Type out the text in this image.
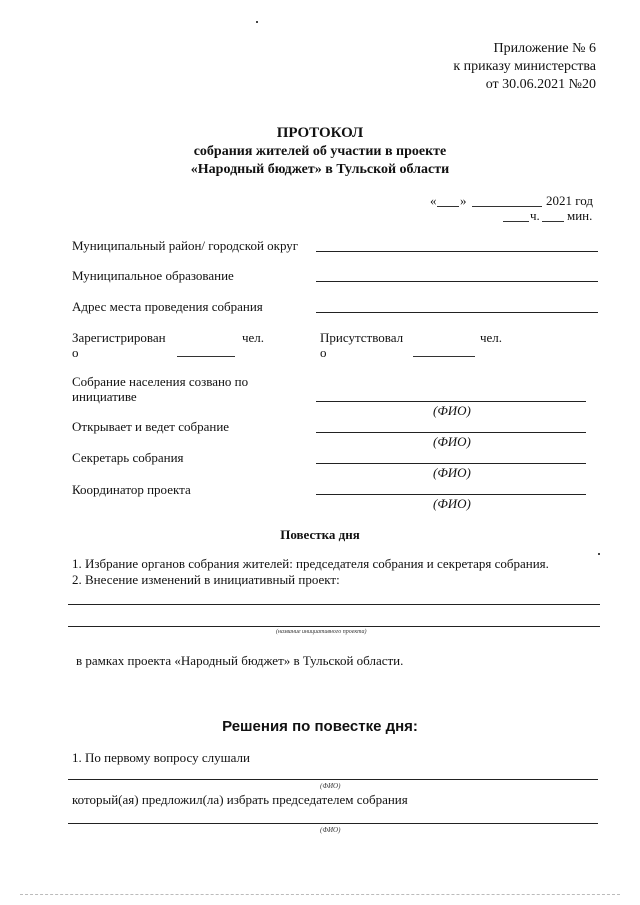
Приложение № 6
к приказу министерства
от 30.06.2021 №20
ПРОТОКОЛ
собрания жителей об участии в проекте
«Народный бюджет» в Тульской области
« »	2021 год
ч. мин.
Муниципальный район/ городской округ
Муниципальное образование
Адрес места проведения собрания
Зарегистрирован
о
чел.	Присутствовал
о
чел.
Собрание населения созвано по
инициативе
(ФИО)
Открывает и ведет собрание
(ФИО)
Секретарь собрания
(ФИО)
Координатор проекта
(ФИО)
Повестка дня
1. Избрание органов собрания жителей: председателя собрания и секретаря собрания.
2. Внесение изменений в инициативный проект:
(название инициативного проекта)
в рамках проекта «Народный бюджет» в Тульской области.
Решения по повестке дня:
1. По первому вопросу слушали
(ФИО)
который(ая) предложил(ла) избрать председателем собрания
(ФИО)
